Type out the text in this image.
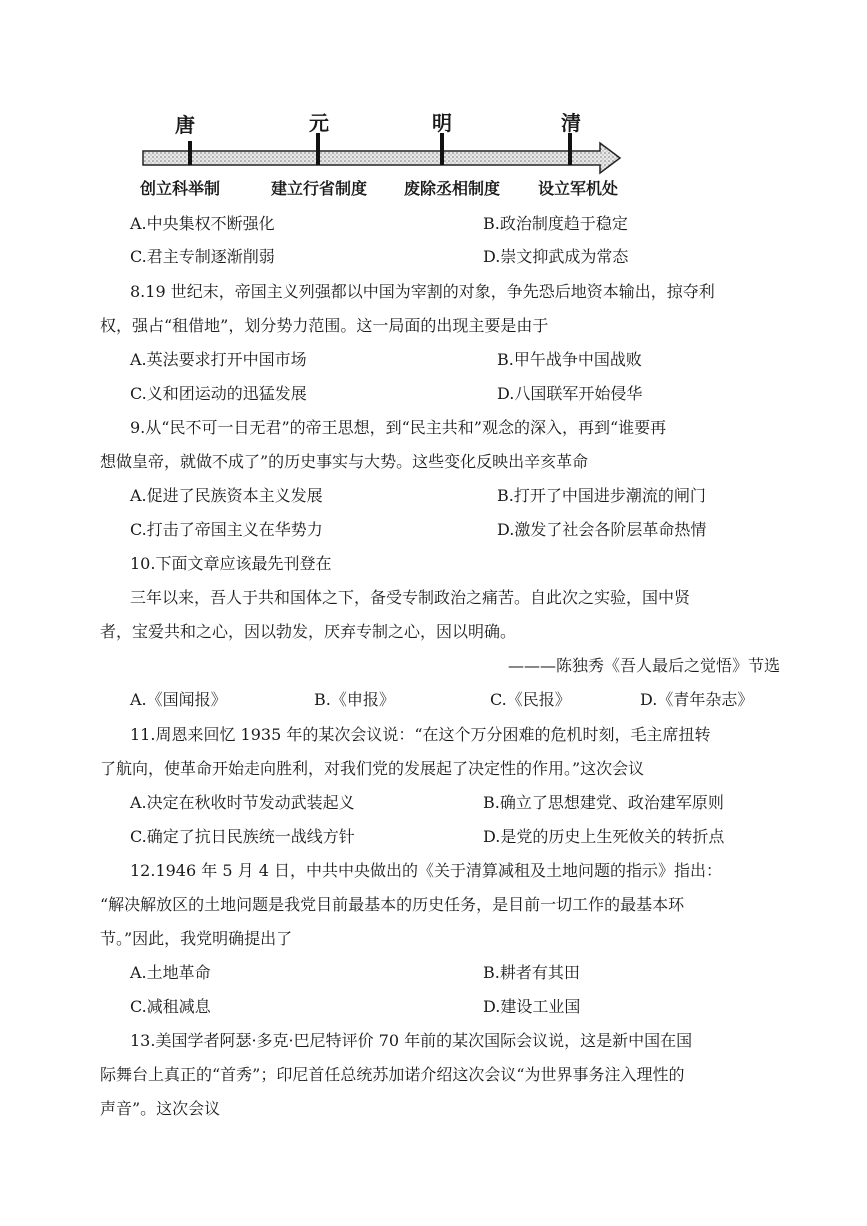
唐	元	明	清
创立科举制	建立行省制度 废除丞相制度 设立军机处
A.中央集权不断强化	B.政治制度趋于稳定
C.君主专制逐渐削弱	D.崇文抑武成为常态
8.19 世纪末，帝国主义列强都以中国为宰割的对象，争先恐后地资本输出，掠夺利
权，强占“租借地”，划分势力范围。这一局面的出现主要是由于
A.英法要求打开中国市场	B.甲午战争中国战败
C.义和团运动的迅猛发展	D.八国联军开始侵华
9.从“民不可一日无君”的帝王思想，到“民主共和”观念的深入，再到“谁要再
想做皇帝，就做不成了”的历史事实与大势。这些变化反映出辛亥革命
A.促进了民族资本主义发展	B.打开了中国进步潮流的闸门
C.打击了帝国主义在华势力	D.激发了社会各阶层革命热情
10.下面文章应该最先刊登在
三年以来，吾人于共和国体之下，备受专制政治之痛苦。自此次之实验，国中贤
者，宝爱共和之心，因以勃发，厌弃专制之心，因以明确。
———陈独秀《吾人最后之觉悟》节选
A.《国闻报》	B.《申报》	C.《民报》	D.《青年杂志》
11.周恩来回忆 1935 年的某次会议说：“在这个万分困难的危机时刻，毛主席扭转
了航向，使革命开始走向胜利，对我们党的发展起了决定性的作用。”这次会议
A.决定在秋收时节发动武装起义	B.确立了思想建党、政治建军原则
C.确定了抗日民族统一战线方针	D.是党的历史上生死攸关的转折点
12.1946 年 5 月 4 日，中共中央做出的《关于清算减租及土地问题的指示》指出：
“解决解放区的土地问题是我党目前最基本的历史任务，是目前一切工作的最基本环
节。”因此，我党明确提出了
A.土地革命	B.耕者有其田
C.减租减息	D.建设工业国
13.美国学者阿瑟·多克·巴尼特评价 70 年前的某次国际会议说，这是新中国在国
际舞台上真正的“首秀”；印尼首任总统苏加诺介绍这次会议“为世界事务注入理性的
声音”。这次会议
